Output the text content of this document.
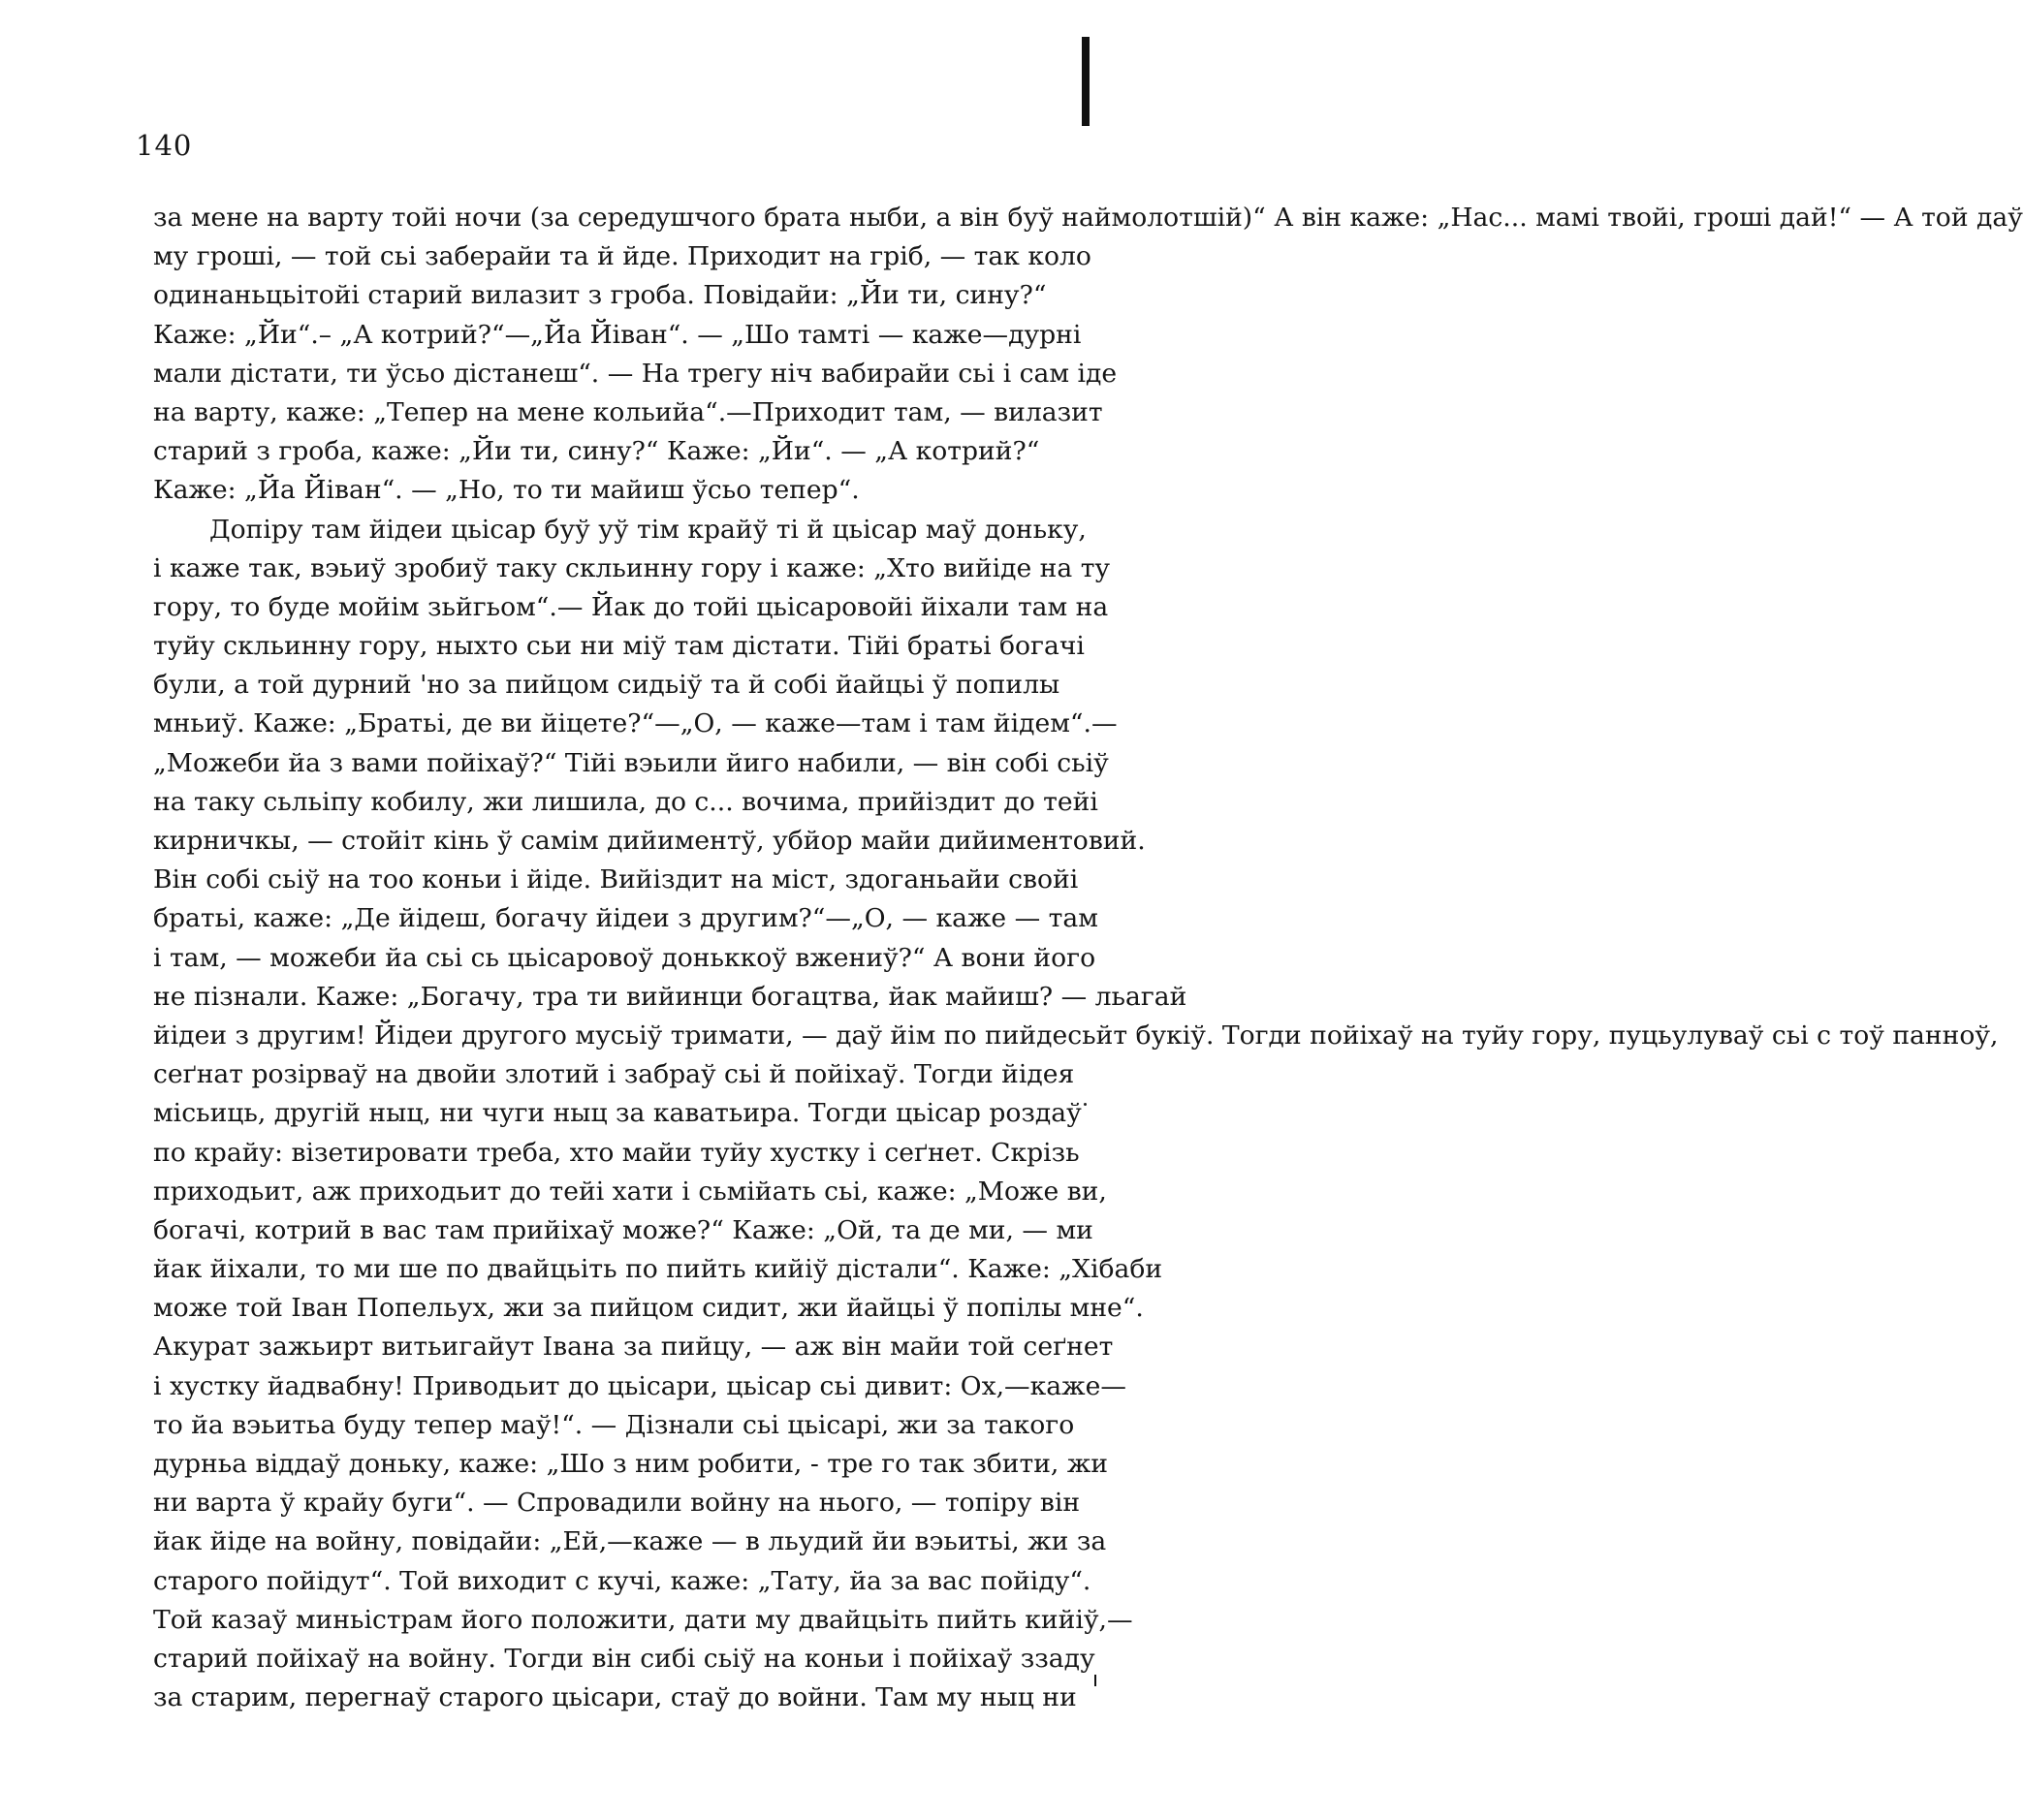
140
за мене на варту тойі ночи (за середушчого брата ныби, а він буў наймолотшій)“ А він каже: „Нас... мамі твойі, гроші дай!“ — А той даў
му гроші, — той сьі заберайи та й йде. Приходит на гріб, — так коло
одинаньцьітойі старий вилазит з гроба. Повідайи: „Йи ти, сину?“
Каже: „Йи“.– „А котрий?“—„Йа Йіван“. — „Шо тамті — каже—дурні
мали дістати, ти ўсьо дістанеш“. — На трегу ніч вабирайи сьі і сам іде
на варту, каже: „Тепер на мене кольийа“.—Приходит там, — вилазит
старий з гроба, каже: „Йи ти, сину?“ Каже: „Йи“. — „А котрий?“
Каже: „Йа Йіван“. — „Но, то ти майиш ўсьо тепер“.
Допіру там йідеи цьісар буў уў тім крайў ті й цьісар маў доньку,
і каже так, вэьиў зробиў таку скльинну гору і каже: „Хто вийіде на ту
гору, то буде мойім зьйгьом“.— Йак до тойі цьісаровойі йіхали там на
туйу скльинну гору, ныхто сьи ни міў там дістати. Тійі братьі богачі
були, а той дурний 'но за пийцом сидьіў та й собі йайцьі ў попилы
мньиў. Каже: „Братьі, де ви йіцете?“—„О, — каже—там і там йідем“.—
„Можеби йа з вами пойіхаў?“ Тійі вэьили йиго набили, — він собі сьіў
на таку сьльіпу кобилу, жи лишила, до с... вочима, прийіздит до тейі
кирничкы, — стойіт кінь ў самім дийиментў, убйор майи дийиментовий.
Він собі сьіў на тоо коньи і йіде. Вийіздит на міст, здоганьайи свойі
братьі, каже: „Де йідеш, богачу йідеи з другим?“—„О, — каже — там
і там, — можеби йа сьі сь цьісаровоў доньккоў вжениў?“ А вони його
не пізнали. Каже: „Богачу, тра ти вийинци богацтва, йак майиш? — льагай
йідеи з другим! Йідеи другого мусьіў тримати, — даў йім по пийдесьйт букіў. Тогди пойіхаў на туйу гору, пуцьулуваў сьі с тоў панноў,
сеґнат розірваў на двойи злотий і забраў сьі й пойіхаў. Тогди йідея
місьиць, другій ныц, ни чуги ныц за каватьира. Тогди цьісар роздаў
по крайу: візетировати треба, хто майи туйу хустку і сеґнет. Скрізь
приходьит, аж приходьит до тейі хати і сьмійать сьі, каже: „Може ви,
богачі, котрий в вас там прийіхаў може?“ Каже: „Ой, та де ми, — ми
йак йіхали, то ми ше по двайцьіть по пийть кийіў дістали“. Каже: „Хібаби
може той Іван Попельух, жи за пийцом сидит, жи йайцьі ў попілы мне“.
Акурат зажьирт витьигайут Івана за пийцу, — аж він майи той сеґнет
і хустку йадвабну! Приводьит до цьісари, цьісар сьі дивит: Ох,—каже—
то йа вэьитьа буду тепер маў!“. — Дізнали сьі цьісарі, жи за такого
дурньа віддаў доньку, каже: „Шо з ним робити, - тре го так збити, жи
ни варта ў крайу буги“. — Спровадили войну на нього, — топіру він
йак йіде на войну, повідайи: „Ей,—каже — в льудий йи вэьитьі, жи за
старого пойідут“. Той виходит с кучі, каже: „Тату, йа за вас пойіду“.
Той казаў миньістрам його положити, дати му двайцьіть пийть кийіў,—
старий пойіхаў на войну. Тогди він сибі сьіў на коньи і пойіхаў ззаду
за старим, перегнаў старого цьісари, стаў до войни. Там му ныц ни
